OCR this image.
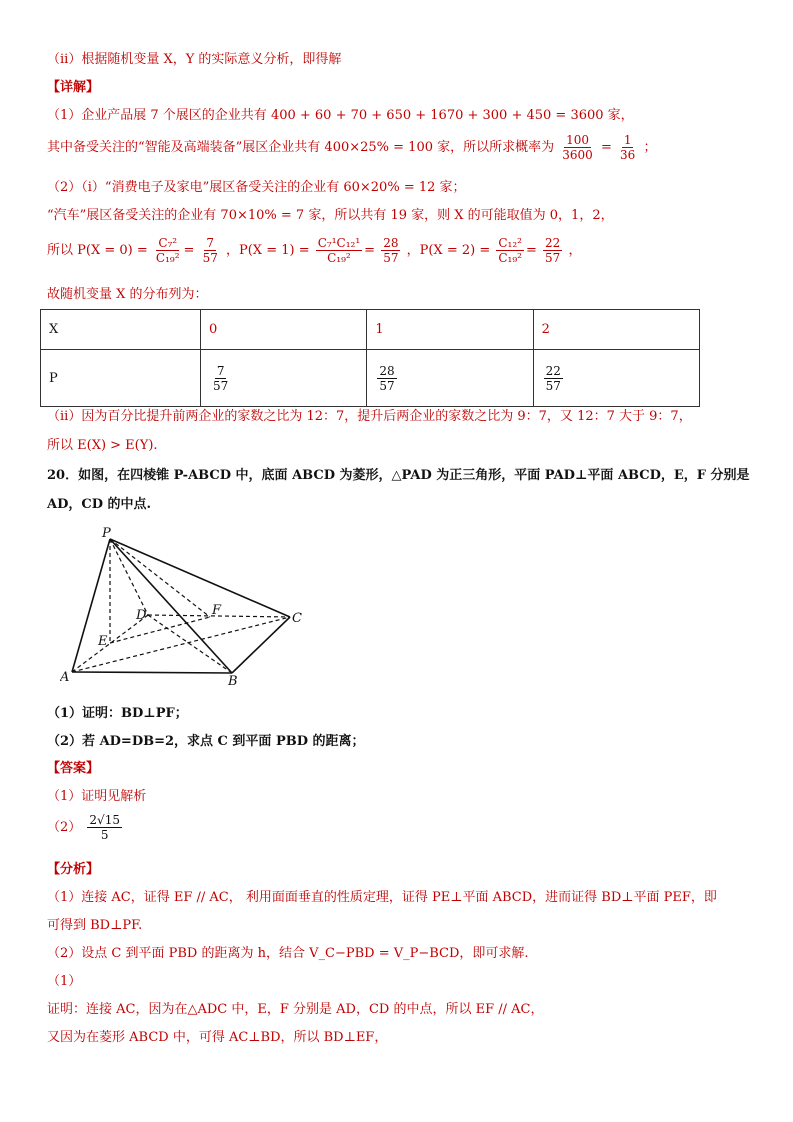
（ii）根据随机变量 X，Y 的实际意义分析，即得解
【详解】
（1）企业产品展 7 个展区的企业共有 400 + 60 + 70 + 650 + 1670 + 300 + 450 = 3600 家，
其中备受关注的“智能及高端装备”展区企业共有 400×25% = 100 家，所以所求概率为 $\frac{100}{3600} = \frac{1}{36}$ ；
（2）（i）“消费电子及家电”展区备受关注的企业有 60×20% = 12 家；
“汽车”展区备受关注的企业有 70×10% = 7 家，所以共有 19 家，则 X 的可能取值为 0，1，2，
所以 $P(X = 0) = \frac{\text{C₇²}}{\text{C₁₉²}} = \frac{7}{57}$ ，$P(X = 1) = \frac{\text{C₇¹C₁₂¹}}{\text{C₁₉²}} = \frac{28}{57}$ ，$P(X = 2) = \frac{\text{C₁₂²}}{\text{C₁₉²}} = \frac{22}{57}$ ，
故随机变量 X 的分布列为：
X	0	1	2
P	$\frac{7}{57}$	$\frac{28}{57}$	$\frac{22}{57}$
（ii）因为百分比提升前两企业的家数之比为 12：7，提升后两企业的家数之比为 9：7，又 12：7 大于 9：7，
所以 E(X) > E(Y).
20．如图，在四棱锥 P-ABCD 中，底面 ABCD 为菱形，△PAD 为正三角形，平面 PAD⊥平面 ABCD，E，F 分别是
AD，CD 的中点.
P
D	F
C
E
A	B
（1）证明：BD⊥PF；
（2）若 AD=DB=2，求点 C 到平面 PBD 的距离；
【答案】
（1）证明见解析
$(2) \frac{2√15}{5}$
【分析】
（1）连接 AC，证得 EF // AC， 利用面面垂直的性质定理，证得 PE⊥平面 ABCD，进而证得 BD⊥平面 PEF，即
可得到 BD⊥PF.
（2）设点 C 到平面 PBD 的距离为 h，结合 V_C−PBD = V_P−BCD，即可求解.
（1）
证明：连接 AC，因为在△ADC 中，E，F 分别是 AD，CD 的中点，所以 EF // AC，
又因为在菱形 ABCD 中，可得 AC⊥BD，所以 BD⊥EF，
